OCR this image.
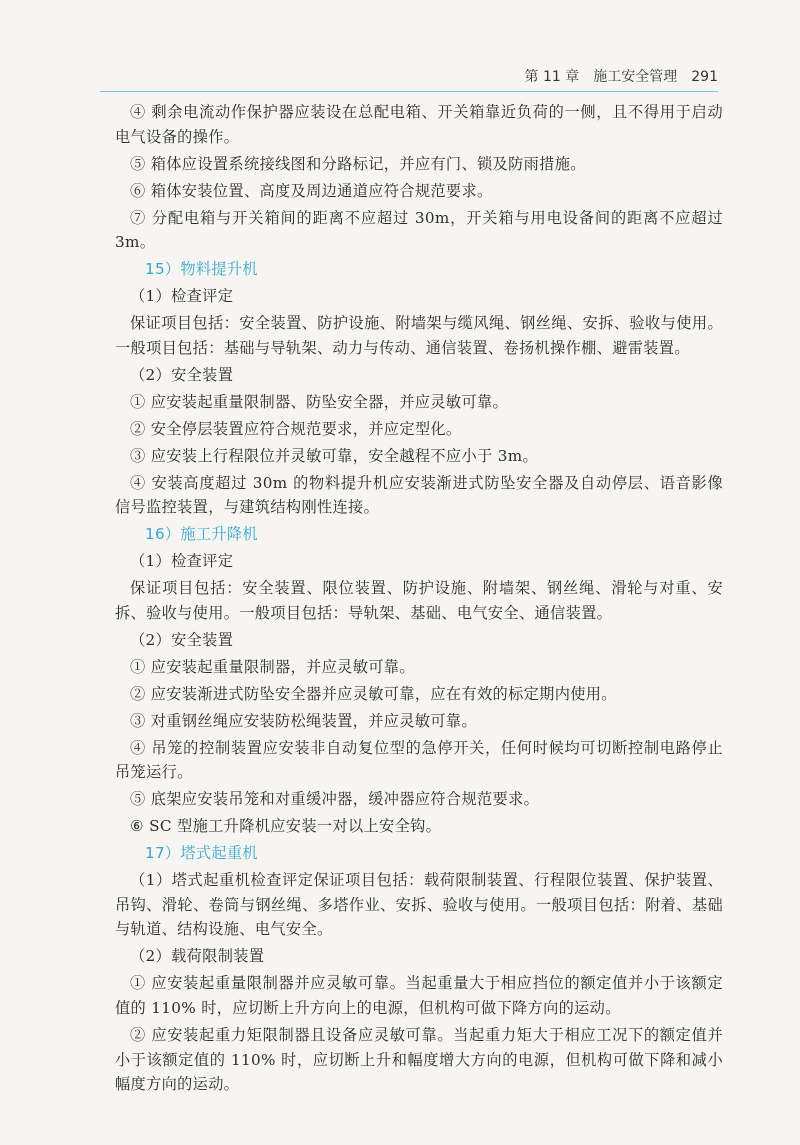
第 11 章 施工安全管理 291

④ 剩余电流动作保护器应装设在总配电箱、开关箱靠近负荷的一侧，且不得用于启动电气设备的操作。

⑤ 箱体应设置系统接线图和分路标记，并应有门、锁及防雨措施。

⑥ 箱体安装位置、高度及周边通道应符合规范要求。

⑦ 分配电箱与开关箱间的距离不应超过 30m，开关箱与用电设备间的距离不应超过 3m。

15）物料提升机

（1）检查评定

保证项目包括：安全装置、防护设施、附墙架与缆风绳、钢丝绳、安拆、验收与使用。一般项目包括：基础与导轨架、动力与传动、通信装置、卷扬机操作棚、避雷装置。

（2）安全装置

① 应安装起重量限制器、防坠安全器，并应灵敏可靠。

② 安全停层装置应符合规范要求，并应定型化。

③ 应安装上行程限位并灵敏可靠，安全越程不应小于 3m。

④ 安装高度超过 30m 的物料提升机应安装渐进式防坠安全器及自动停层、语音影像信号监控装置，与建筑结构刚性连接。

16）施工升降机

（1）检查评定

保证项目包括：安全装置、限位装置、防护设施、附墙架、钢丝绳、滑轮与对重、安拆、验收与使用。一般项目包括：导轨架、基础、电气安全、通信装置。

（2）安全装置

① 应安装起重量限制器，并应灵敏可靠。

② 应安装渐进式防坠安全器并应灵敏可靠，应在有效的标定期内使用。

③ 对重钢丝绳应安装防松绳装置，并应灵敏可靠。

④ 吊笼的控制装置应安装非自动复位型的急停开关，任何时候均可切断控制电路停止吊笼运行。

⑤ 底架应安装吊笼和对重缓冲器，缓冲器应符合规范要求。

⑥ SC 型施工升降机应安装一对以上安全钩。

17）塔式起重机

（1）塔式起重机检查评定保证项目包括：载荷限制装置、行程限位装置、保护装置、吊钩、滑轮、卷筒与钢丝绳、多塔作业、安拆、验收与使用。一般项目包括：附着、基础与轨道、结构设施、电气安全。

（2）载荷限制装置

① 应安装起重量限制器并应灵敏可靠。当起重量大于相应挡位的额定值并小于该额定值的 110% 时，应切断上升方向上的电源，但机构可做下降方向的运动。

② 应安装起重力矩限制器且设备应灵敏可靠。当起重力矩大于相应工况下的额定值并小于该额定值的 110% 时，应切断上升和幅度增大方向的电源，但机构可做下降和减小幅度方向的运动。
